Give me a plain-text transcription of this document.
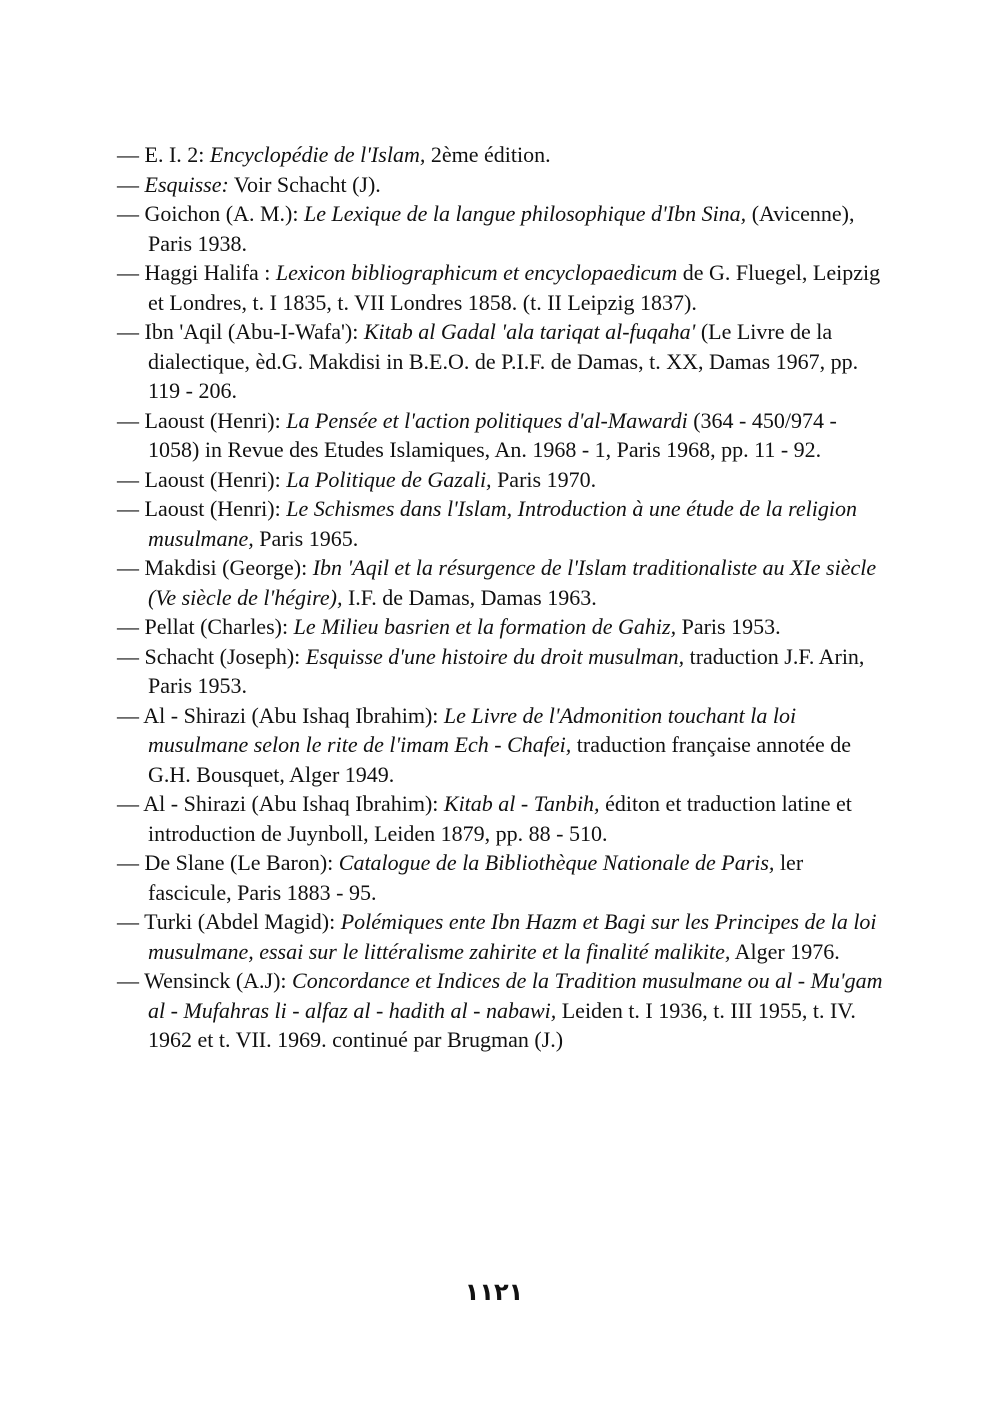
— E. I. 2: Encyclopédie de l'Islam, 2ème édition.
— Esquisse: Voir Schacht (J).
— Goichon (A. M.): Le Lexique de la langue philosophique d'Ibn Sina, (Avicenne), Paris 1938.
— Haggi Halifa : Lexicon bibliographicum et encyclopaedicum de G. Fluegel, Leipzig et Londres, t. I 1835, t. VII Londres 1858. (t. II Leipzig 1837).
— Ibn 'Aqil (Abu-I-Wafa'): Kitab al Gadal 'ala tariqat al-fuqaha' (Le Livre de la dialectique, èd.G. Makdisi in B.E.O. de P.I.F. de Damas, t. XX, Damas 1967, pp. 119 - 206.
— Laoust (Henri): La Pensée et l'action politiques d'al-Mawardi (364 - 450/974 - 1058) in Revue des Etudes Islamiques, An. 1968 - 1, Paris 1968, pp. 11 - 92.
— Laoust (Henri): La Politique de Gazali, Paris 1970.
— Laoust (Henri): Le Schismes dans l'Islam, Introduction à une étude de la religion musulmane, Paris 1965.
— Makdisi (George): Ibn 'Aqil et la résurgence de l'Islam traditionaliste au XIe siècle (Ve siècle de l'hégire), I.F. de Damas, Damas 1963.
— Pellat (Charles): Le Milieu basrien et la formation de Gahiz, Paris 1953.
— Schacht (Joseph): Esquisse d'une histoire du droit musulman, traduction J.F. Arin, Paris 1953.
— Al - Shirazi (Abu Ishaq Ibrahim): Le Livre de l'Admonition touchant la loi musulmane selon le rite de l'imam Ech - Chafei, traduction française annotée de G.H. Bousquet, Alger 1949.
— Al - Shirazi (Abu Ishaq Ibrahim): Kitab al - Tanbih, éditon et traduction latine et introduction de Juynboll, Leiden 1879, pp. 88 - 510.
— De Slane (Le Baron): Catalogue de la Bibliothèque Nationale de Paris, ler fascicule, Paris 1883 - 95.
— Turki (Abdel Magid): Polémiques ente Ibn Hazm et Bagi sur les Principes de la loi musulmane, essai sur le littéralisme zahirite et la finalité malikite, Alger 1976.
— Wensinck (A.J): Concordance et Indices de la Tradition musulmane ou al - Mu'gam al - Mufahras li - alfaz al - hadith al - nabawi, Leiden t. I 1936, t. III 1955, t. IV. 1962 et t. VII. 1969. continué par Brugman (J.)
١١٢١
